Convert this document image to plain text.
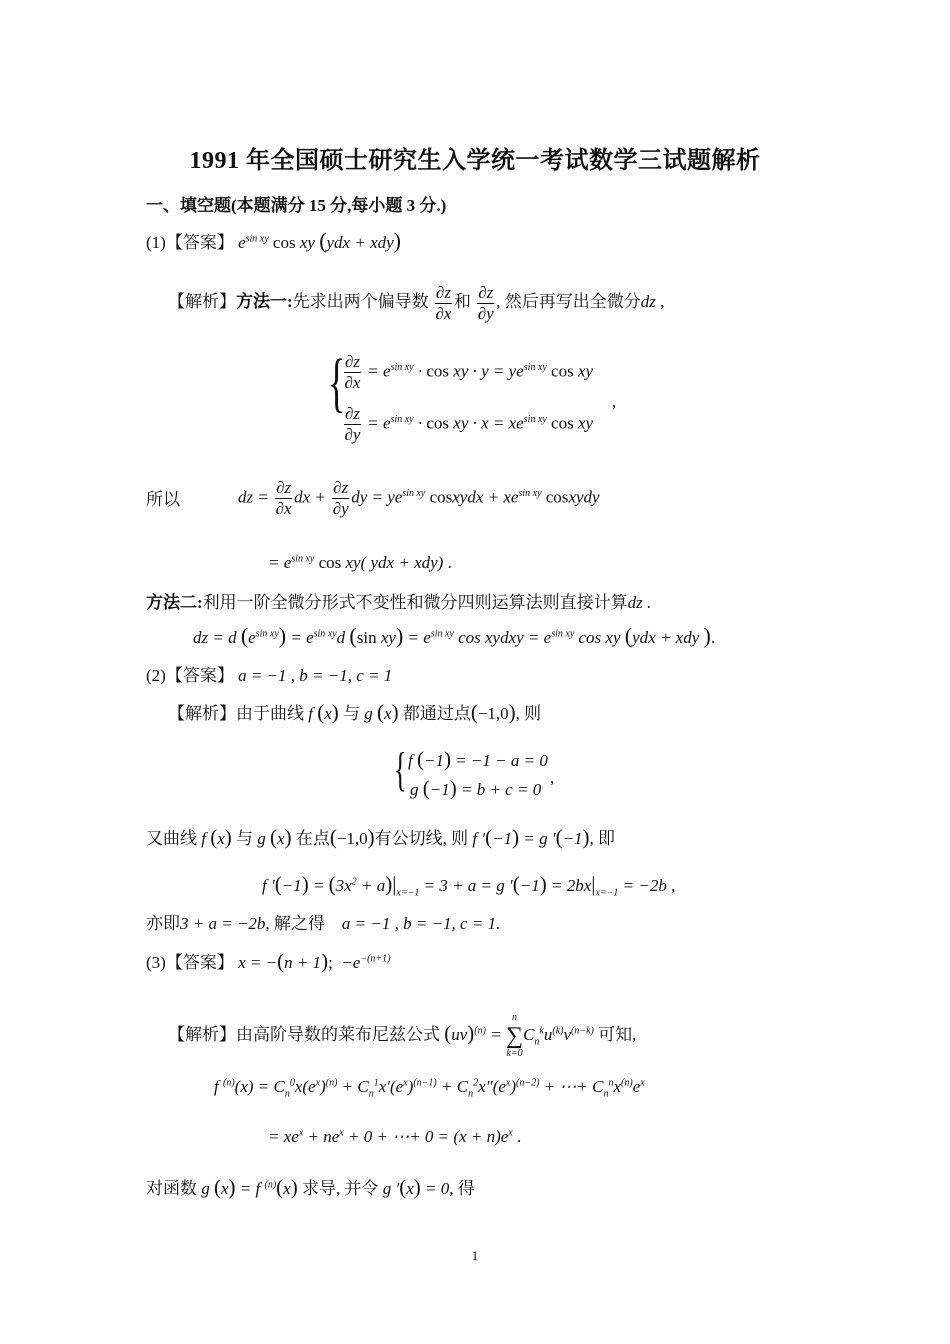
1991 年全国硕士研究生入学统一考试数学三试题解析
一、填空题(本题满分 15 分,每小题 3 分.)
(1)【答案】 $e^{sin xy}$ cos xy (ydx + xdy)
【解析】方法一:先求出两个偏导数 $\frac{\partial z}{\partial x}$ 和 $\frac{\partial z}{\partial y}$ , 然后再写出全微分dz ,
{
$\frac{\partial z}{\partial x} = e^{sin xy} \cdot \cos$ xy · $y = ye^{sin xy}$ cos xy
$\frac{\partial z}{\partial y} = e^{sin xy} \cdot \cos$ xy · $x = xe^{sin xy}$ cos xy
,
所以	dz = $\frac{\partial z}{\partial x}$ dx + $\frac{\partial z}{\partial y}$ dy = $ye^{sin xy}$ cosxydx + $xe^{sin xy}$ cosxydy
= $e^{sin xy}$ cos xy( ydx + xdy) .
方法二:利用一阶全微分形式不变性和微分四则运算法则直接计算dz .
dz = d $(e^{sin xy}) = e^{sin xy}d$ (sin $xy) = e^{sin xy}$ cos xydxy = $e^{sin xy}$ cos xy (ydx + xdy ).
(2)【答案】 a = −1 , b = −1, c = 1
【解析】由于曲线 f (x) 与 g (x) 都通过点(−1,0), 则
{ f (−1) = −1 − a = 0
g (−1) = b + c = 0
,
又曲线 f (x) 与 g (x) 在点(−1,0)有公切线, 则 f ′(−1) = g ′(−1), 即
f $'(-1) = (3x^2 + a)|_{x=-1} = 3 + a = g$ $'(-1) = 2bx|_{x=-1} = -2b$ ,
亦即3 + a = −2b, 解之得 a = −1 , b = −1, c = 1.
(3)【答案】 x = −(n + 1);  $-e^{-(n+1)}$
【解析】由高阶导数的莱布尼兹公式 (uv)$^{(n)}$ =
n
∑
k=0
$C_n^ku^{(k)}v^{(n-k)}$ 可知,
f $^{(n)}(x) = C_n^0x(e^x)^{(n)} + C_n^1x'(e^x)^{(n-1)} + C_n^2x''(e^x)^{(n-2)}$ + ⋯+ $C_n^nx^{(n)}e^x$
= $xe^x + ne^x + 0$ + ⋯+ $0 = (x + n)e^x$ .
对函数 g (x) = f $^{(n)}$(x) 求导, 并令 g ′(x) = 0, 得
1
